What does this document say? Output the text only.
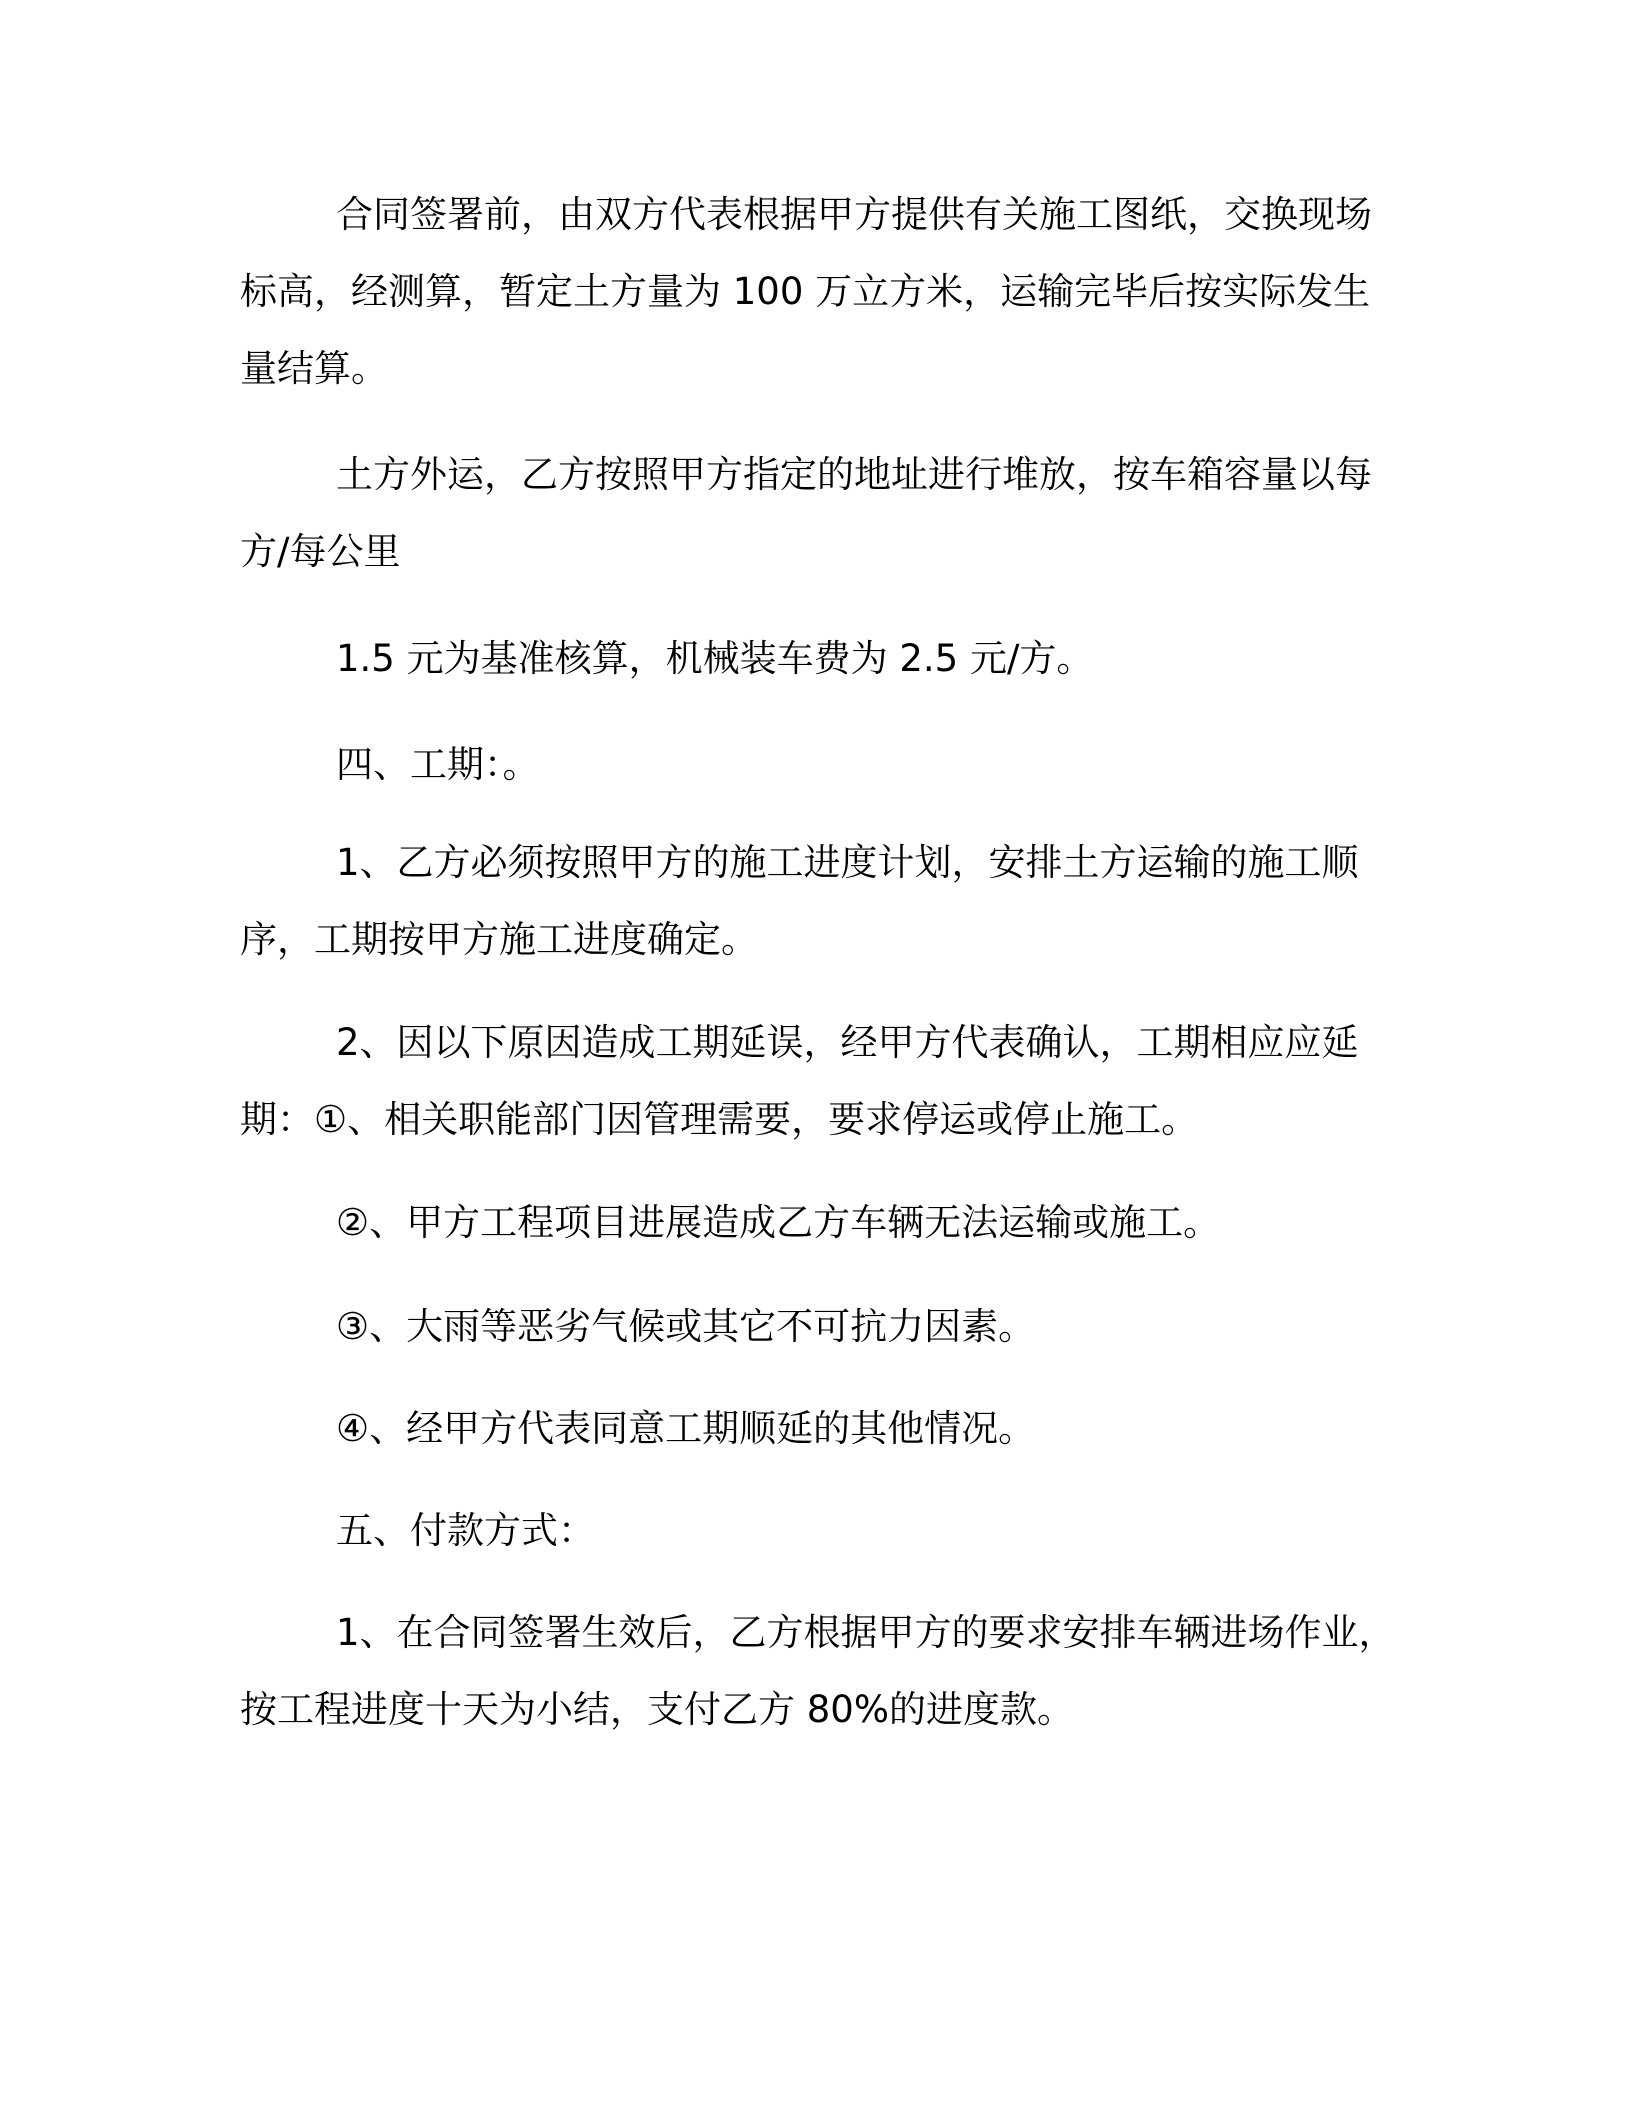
合同签署前，由双方代表根据甲方提供有关施工图纸，交换现场
标高，经测算，暂定土方量为 100 万立方米，运输完毕后按实际发生
量结算。
土方外运，乙方按照甲方指定的地址进行堆放，按车箱容量以每
方/每公里
1.5 元为基准核算，机械装车费为 2.5 元/方。
四、工期：。
1、乙方必须按照甲方的施工进度计划，安排土方运输的施工顺
序，工期按甲方施工进度确定。
2、因以下原因造成工期延误，经甲方代表确认，工期相应应延
期：①、相关职能部门因管理需要，要求停运或停止施工。
②、甲方工程项目进展造成乙方车辆无法运输或施工。
③、大雨等恶劣气候或其它不可抗力因素。
④、经甲方代表同意工期顺延的其他情况。
五、付款方式：
1、在合同签署生效后，乙方根据甲方的要求安排车辆进场作业，
按工程进度十天为小结，支付乙方 80%的进度款。
